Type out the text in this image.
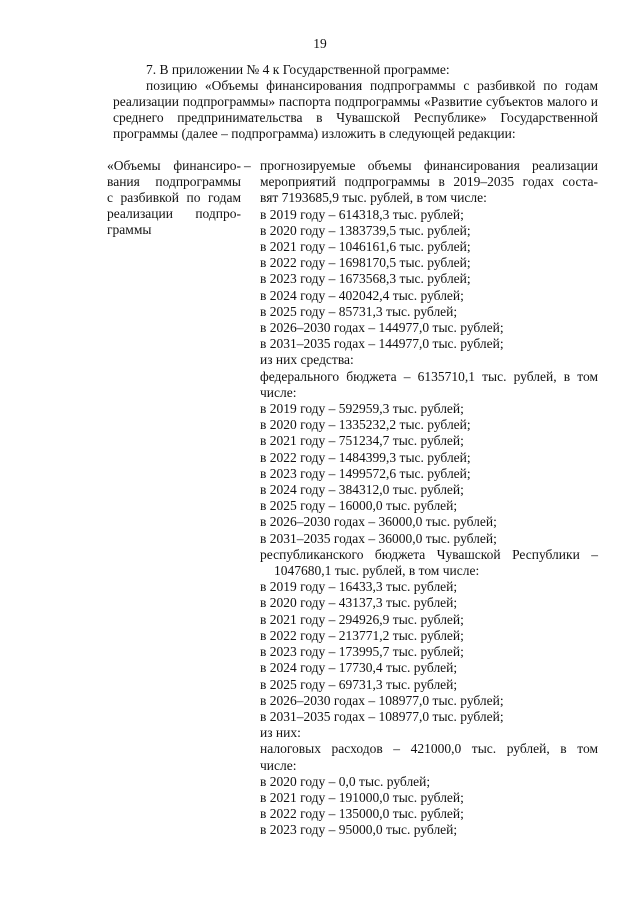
19

7. В приложении № 4 к Государственной программе:

позицию «Объемы финансирования подпрограммы с разбивкой по годам реализации подпрограммы» паспорта подпрограммы «Развитие субъектов малого и среднего предпринимательства в Чувашской Республике» Государственной программы (далее – подпрограмма) изложить в следующей редакции:

«Объемы финансиро-
вания подпрограммы
с разбивкой по годам
реализации подпро-
граммы
– прогнозируемые объемы финансирования реализации
мероприятий подпрограммы в 2019–2035 годах соста-
вят 7193685,9 тыс. рублей, в том числе:
в 2019 году – 614318,3 тыс. рублей;
в 2020 году – 1383739,5 тыс. рублей;
в 2021 году – 1046161,6 тыс. рублей;
в 2022 году – 1698170,5 тыс. рублей;
в 2023 году – 1673568,3 тыс. рублей;
в 2024 году – 402042,4 тыс. рублей;
в 2025 году – 85731,3 тыс. рублей;
в 2026–2030 годах – 144977,0 тыс. рублей;
в 2031–2035 годах – 144977,0 тыс. рублей;
из них средства:
федерального бюджета – 6135710,1 тыс. рублей, в том
числе:
в 2019 году – 592959,3 тыс. рублей;
в 2020 году – 1335232,2 тыс. рублей;
в 2021 году – 751234,7 тыс. рублей;
в 2022 году – 1484399,3 тыс. рублей;
в 2023 году – 1499572,6 тыс. рублей;
в 2024 году – 384312,0 тыс. рублей;
в 2025 году – 16000,0 тыс. рублей;
в 2026–2030 годах – 36000,0 тыс. рублей;
в 2031–2035 годах – 36000,0 тыс. рублей;
республиканского бюджета Чувашской Республики –
1047680,1 тыс. рублей, в том числе:
в 2019 году – 16433,3 тыс. рублей;
в 2020 году – 43137,3 тыс. рублей;
в 2021 году – 294926,9 тыс. рублей;
в 2022 году – 213771,2 тыс. рублей;
в 2023 году – 173995,7 тыс. рублей;
в 2024 году – 17730,4 тыс. рублей;
в 2025 году – 69731,3 тыс. рублей;
в 2026–2030 годах – 108977,0 тыс. рублей;
в 2031–2035 годах – 108977,0 тыс. рублей;
из них:
налоговых расходов – 421000,0 тыс. рублей, в том
числе:
в 2020 году – 0,0 тыс. рублей;
в 2021 году – 191000,0 тыс. рублей;
в 2022 году – 135000,0 тыс. рублей;
в 2023 году – 95000,0 тыс. рублей;
